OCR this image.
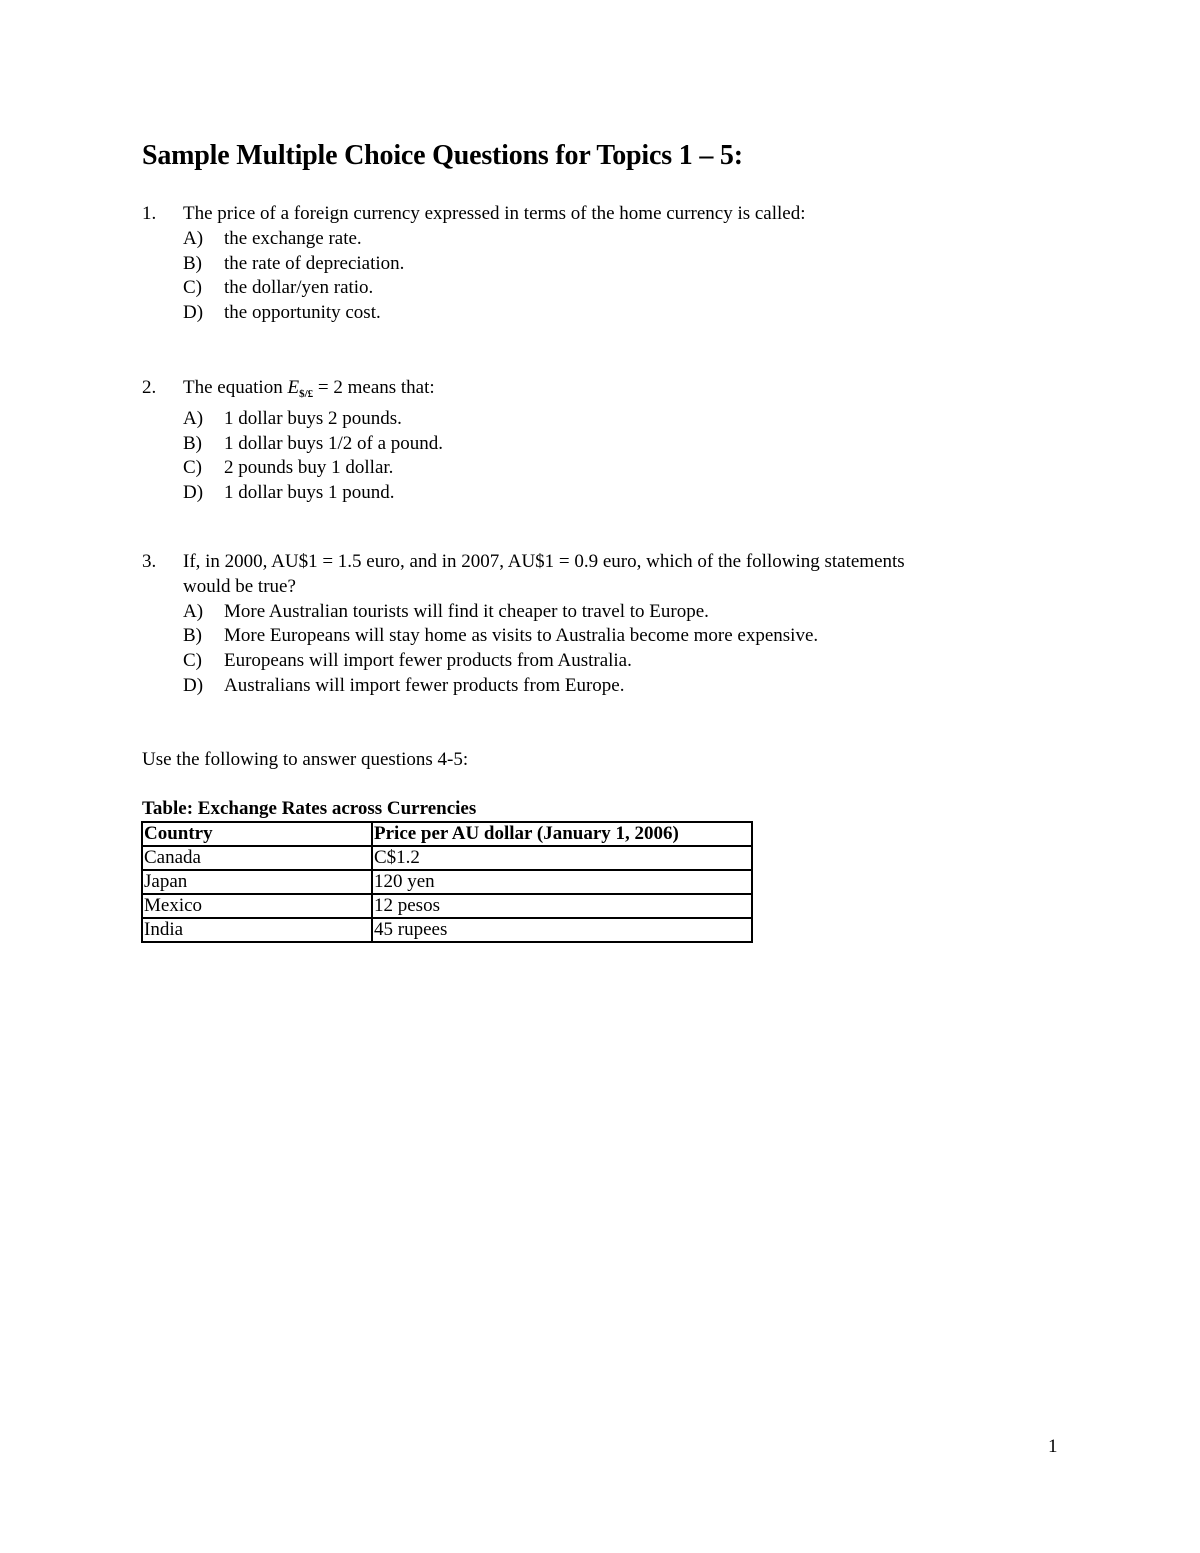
Sample Multiple Choice Questions for Topics 1 – 5:
1. The price of a foreign currency expressed in terms of the home currency is called:
A) the exchange rate.
B) the rate of depreciation.
C) the dollar/yen ratio.
D) the opportunity cost.
2. The equation $E_{\$/£} = 2$ means that:
A) 1 dollar buys 2 pounds.
B) 1 dollar buys 1/2 of a pound.
C) 2 pounds buy 1 dollar.
D) 1 dollar buys 1 pound.
3. If, in 2000, AU$1 = 1.5 euro, and in 2007, AU$1 = 0.9 euro, which of the following statements
would be true?
A) More Australian tourists will find it cheaper to travel to Europe.
B) More Europeans will stay home as visits to Australia become more expensive.
C) Europeans will import fewer products from Australia.
D) Australians will import fewer products from Europe.
Use the following to answer questions 4-5:
Table: Exchange Rates across Currencies
Country	Price per AU dollar (January 1, 2006)
Canada	C$1.2
Japan	120 yen
Mexico	12 pesos
India	45 rupees
1
